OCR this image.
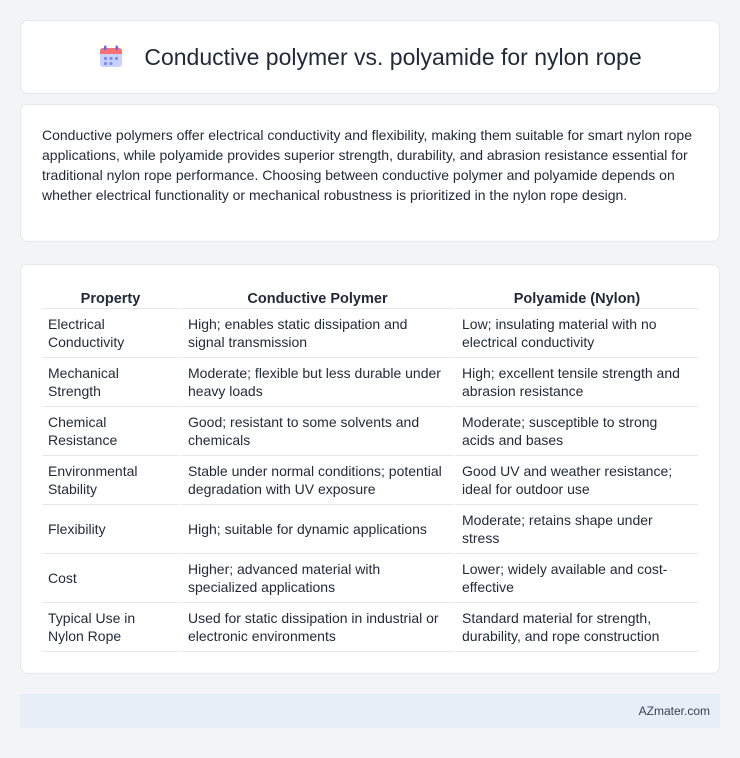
Conductive polymer vs. polyamide for nylon rope

Conductive polymers offer electrical conductivity and flexibility, making them suitable for smart nylon rope applications, while polyamide provides superior strength, durability, and abrasion resistance essential for traditional nylon rope performance. Choosing between conductive polymer and polyamide depends on whether electrical functionality or mechanical robustness is prioritized in the nylon rope design.

Property	Conductive Polymer	Polyamide (Nylon)
Electrical Conductivity	High; enables static dissipation and signal transmission	Low; insulating material with no electrical conductivity
Mechanical Strength	Moderate; flexible but less durable under heavy loads	High; excellent tensile strength and abrasion resistance
Chemical Resistance	Good; resistant to some solvents and chemicals	Moderate; susceptible to strong acids and bases
Environmental Stability	Stable under normal conditions; potential degradation with UV exposure	Good UV and weather resistance; ideal for outdoor use
Flexibility	High; suitable for dynamic applications	Moderate; retains shape under stress
Cost	Higher; advanced material with specialized applications	Lower; widely available and cost-effective
Typical Use in Nylon Rope	Used for static dissipation in industrial or electronic environments	Standard material for strength, durability, and rope construction
AZmater.com
